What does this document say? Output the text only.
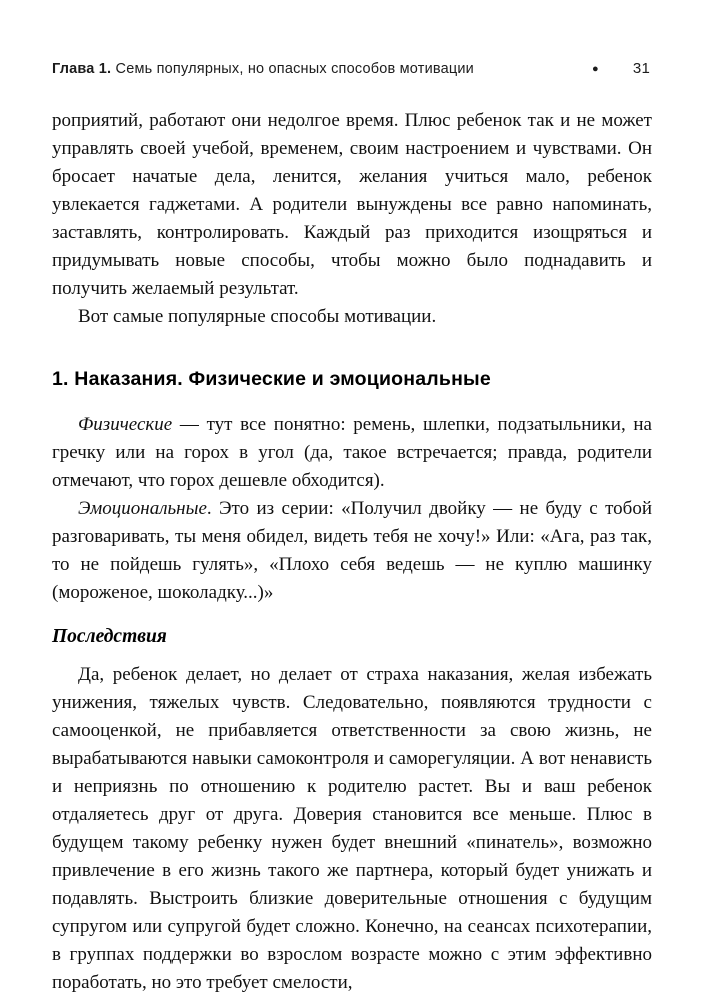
Глава 1. Семь популярных, но опасных способов мотивации	● 31

роприятий, работают они недолгое время. Плюс ребенок так и не может управлять своей учебой, временем, своим настроением и чувствами. Он бросает начатые дела, ленится, желания учиться мало, ребенок увлекается гаджетами. А родители вынуждены все равно напоминать, заставлять, контролировать. Каждый раз приходится изощряться и придумывать новые способы, чтобы можно было поднадавить и получить желаемый результат.

Вот самые популярные способы мотивации.

1. Наказания. Физические и эмоциональные

Физические — тут все понятно: ремень, шлепки, подзатыльники, на гречку или на горох в угол (да, такое встречается; правда, родители отмечают, что горох дешевле обходится).

Эмоциональные. Это из серии: «Получил двойку — не буду с тобой разговаривать, ты меня обидел, видеть тебя не хочу!» Или: «Ага, раз так, то не пойдешь гулять», «Плохо себя ведешь — не куплю машинку (мороженое, шоколадку...)»

Последствия

Да, ребенок делает, но делает от страха наказания, желая избежать унижения, тяжелых чувств. Следовательно, появляются трудности с самооценкой, не прибавляется ответственности за свою жизнь, не вырабатываются навыки самоконтроля и саморегуляции. А вот ненависть и неприязнь по отношению к родителю растет. Вы и ваш ребенок отдаляетесь друг от друга. Доверия становится все меньше. Плюс в будущем такому ребенку нужен будет внешний «пинатель», возможно привлечение в его жизнь такого же партнера, который будет унижать и подавлять. Выстроить близкие доверительные отношения с будущим супругом или супругой будет сложно. Конечно, на сеансах психотерапии, в группах поддержки во взрослом возрасте можно с этим эффективно поработать, но это требует смелости,
